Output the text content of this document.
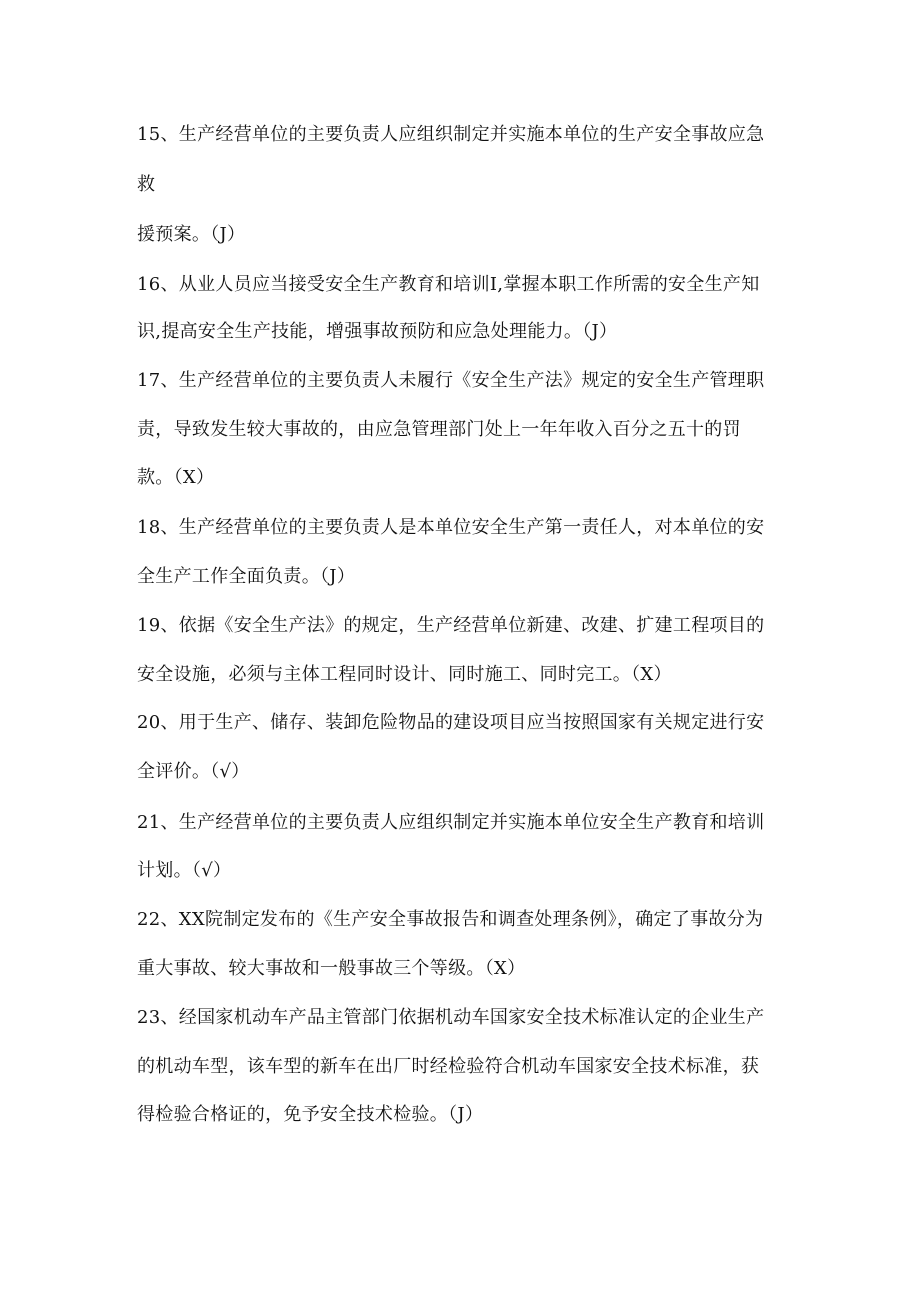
15、生产经营单位的主要负责人应组织制定并实施本单位的生产安全事故应急
救
援预案。（J）
16、从业人员应当接受安全生产教育和培训I,掌握本职工作所需的安全生产知
识,提高安全生产技能，增强事故预防和应急处理能力。（J）
17、生产经营单位的主要负责人未履行《安全生产法》规定的安全生产管理职
责，导致发生较大事故的，由应急管理部门处上一年年收入百分之五十的罚
款。（X）
18、生产经营单位的主要负责人是本单位安全生产第一责任人，对本单位的安
全生产工作全面负责。（J）
19、依据《安全生产法》的规定，生产经营单位新建、改建、扩建工程项目的
安全设施，必须与主体工程同时设计、同时施工、同时完工。（X）
20、用于生产、储存、装卸危险物品的建设项目应当按照国家有关规定进行安
全评价。（√）
21、生产经营单位的主要负责人应组织制定并实施本单位安全生产教育和培训
计划。（√）
22、XX院制定发布的《生产安全事故报告和调查处理条例》，确定了事故分为
重大事故、较大事故和一般事故三个等级。（X）
23、经国家机动车产品主管部门依据机动车国家安全技术标准认定的企业生产
的机动车型，该车型的新车在出厂时经检验符合机动车国家安全技术标准，获
得检验合格证的，免予安全技术检验。（J）
